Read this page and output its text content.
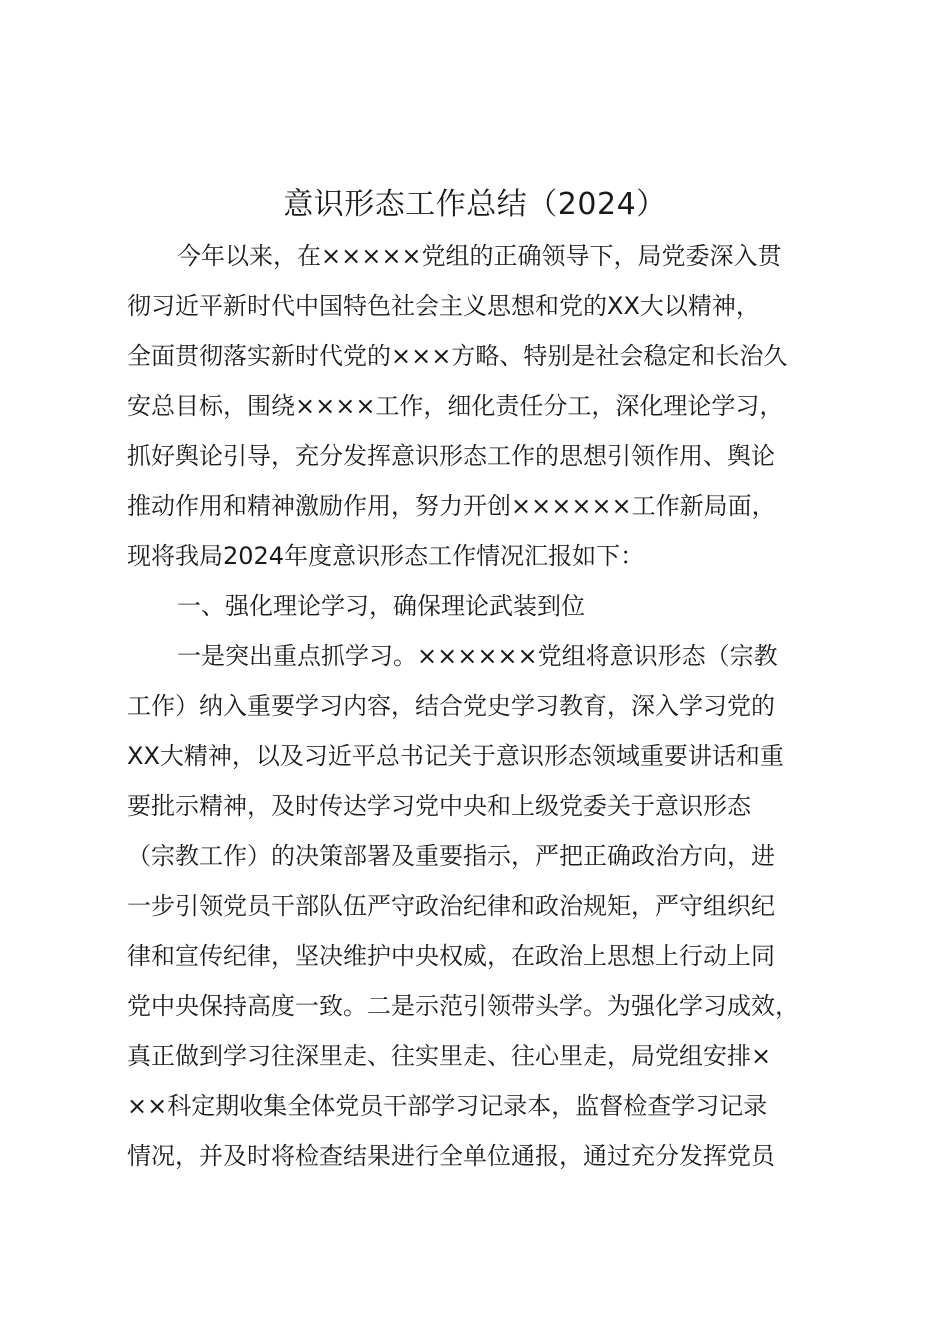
意识形态工作总结（2024）
今年以来，在×××××党组的正确领导下，局党委深入贯
彻习近平新时代中国特色社会主义思想和党的XX大以精神，
全面贯彻落实新时代党的×××方略、特别是社会稳定和长治久
安总目标，围绕××××工作，细化责任分工，深化理论学习，
抓好舆论引导，充分发挥意识形态工作的思想引领作用、舆论
推动作用和精神激励作用，努力开创××××××工作新局面，
现将我局2024年度意识形态工作情况汇报如下：
一、强化理论学习，确保理论武装到位
一是突出重点抓学习。××××××党组将意识形态（宗教
工作）纳入重要学习内容，结合党史学习教育，深入学习党的
XX大精神，以及习近平总书记关于意识形态领域重要讲话和重
要批示精神，及时传达学习党中央和上级党委关于意识形态
（宗教工作）的决策部署及重要指示，严把正确政治方向，进
一步引领党员干部队伍严守政治纪律和政治规矩，严守组织纪
律和宣传纪律，坚决维护中央权威，在政治上思想上行动上同
党中央保持高度一致。二是示范引领带头学。为强化学习成效，
真正做到学习往深里走、往实里走、往心里走，局党组安排×
××科定期收集全体党员干部学习记录本，监督检查学习记录
情况，并及时将检查结果进行全单位通报，通过充分发挥党员
